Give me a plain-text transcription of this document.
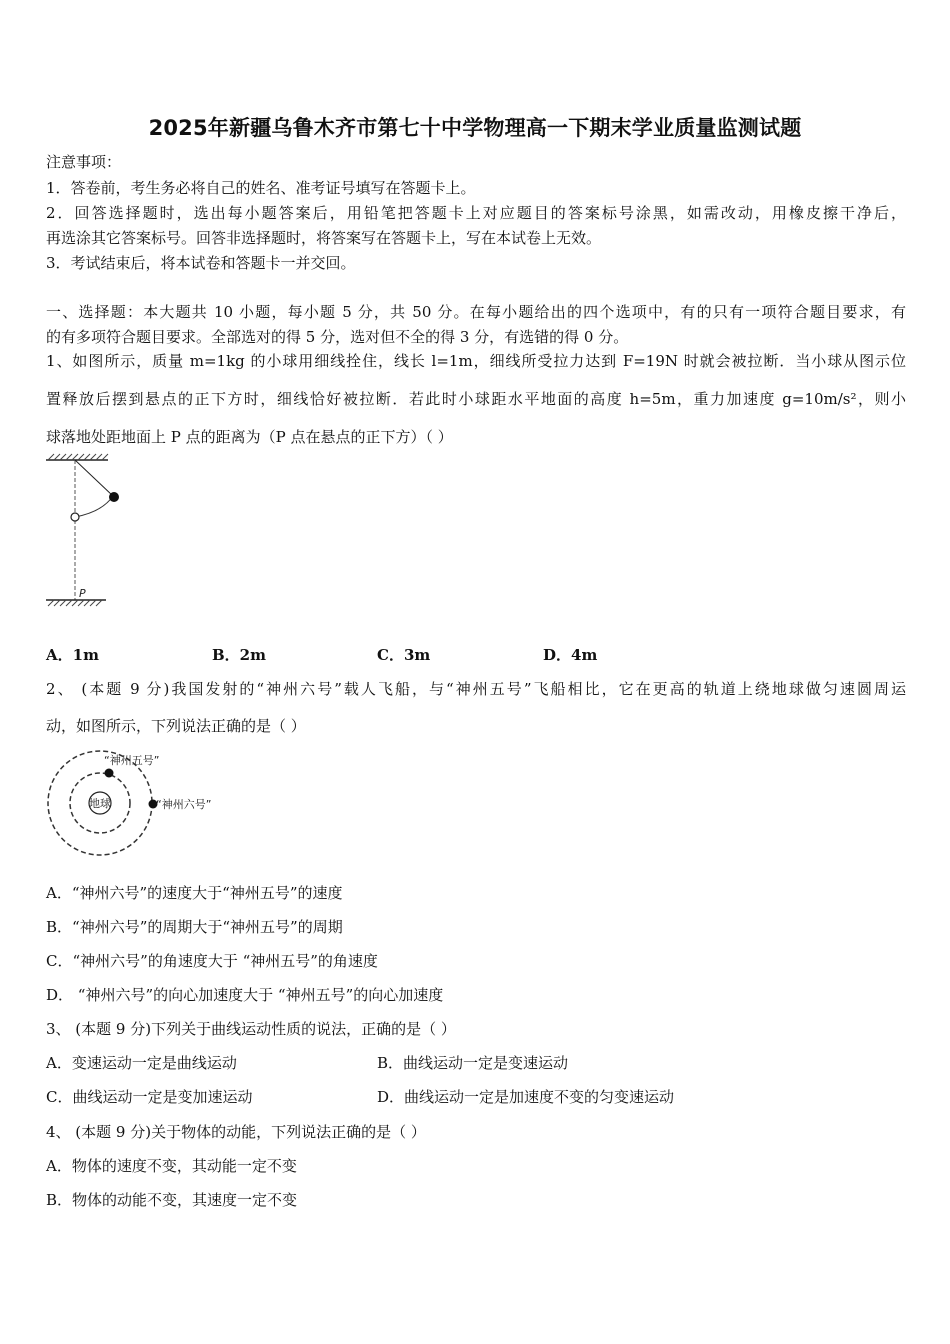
2025年新疆乌鲁木齐市第七十中学物理高一下期末学业质量监测试题
注意事项：
1．答卷前，考生务必将自己的姓名、准考证号填写在答题卡上。
2．回答选择题时，选出每小题答案后，用铅笔把答题卡上对应题目的答案标号涂黑，如需改动，用橡皮擦干净后，
再选涂其它答案标号。回答非选择题时，将答案写在答题卡上，写在本试卷上无效。
3．考试结束后，将本试卷和答题卡一并交回。
一、选择题：本大题共 10 小题，每小题 5 分，共 50 分。在每小题给出的四个选项中，有的只有一项符合题目要求，有
的有多项符合题目要求。全部选对的得 5 分，选对但不全的得 3 分，有选错的得 0 分。
1、如图所示，质量 m=1kg 的小球用细线拴住，线长 l=1m，细线所受拉力达到 F=19N 时就会被拉断．当小球从图示位
置释放后摆到悬点的正下方时，细线恰好被拉断．若此时小球距水平地面的高度 h=5m，重力加速度 g=10m/s²，则小
球落地处距地面上 P 点的距离为（P 点在悬点的正下方）（ ）
P
A．1m	B．2m	C．3m	D．4m
2、 (本题 9 分)我国发射的“神州六号”载人飞船，与“神州五号”飞船相比，它在更高的轨道上绕地球做匀速圆周运
动，如图所示，下列说法正确的是（ ）
地球
“神州五号”
“神州六号”
A．“神州六号”的速度大于“神州五号”的速度
B．“神州六号”的周期大于“神州五号”的周期
C．“神州六号”的角速度大于 “神州五号”的角速度
D． “神州六号”的向心加速度大于 “神州五号”的向心加速度
3、 (本题 9 分)下列关于曲线运动性质的说法，正确的是（ ）
A．变速运动一定是曲线运动	B．曲线运动一定是变速运动
C．曲线运动一定是变加速运动	D．曲线运动一定是加速度不变的匀变速运动
4、 (本题 9 分)关于物体的动能，下列说法正确的是（ ）
A．物体的速度不变，其动能一定不变
B．物体的动能不变，其速度一定不变
